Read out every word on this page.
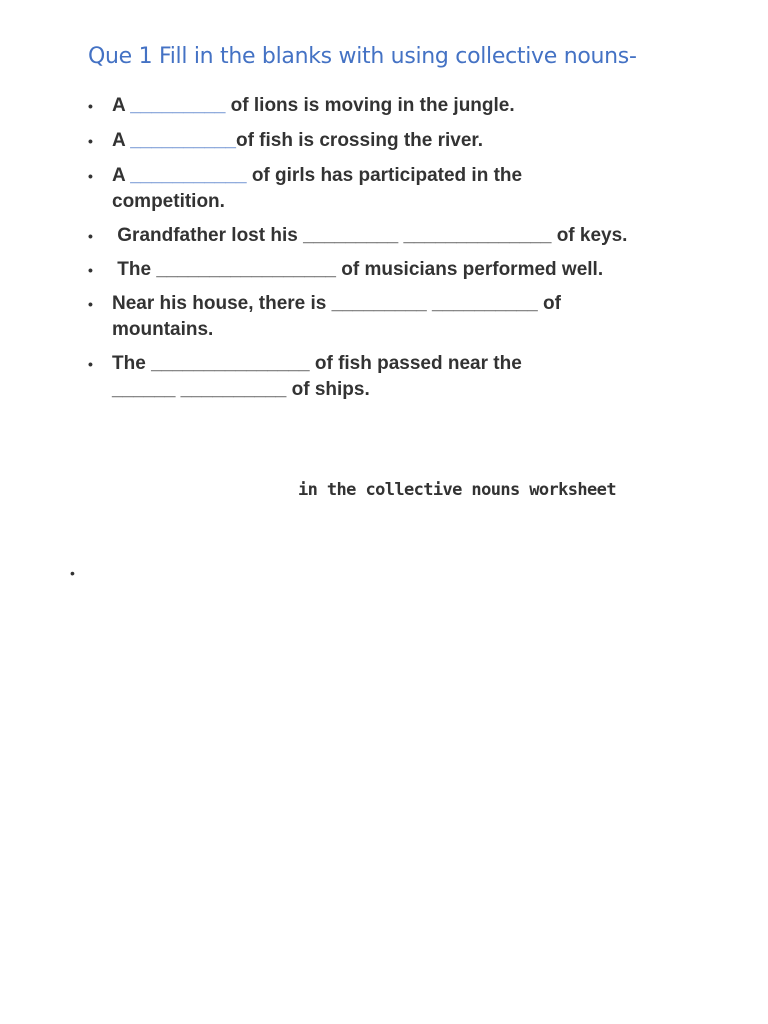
Que 1 Fill in the blanks with using collective nouns-
• A _________ of lions is moving in the jungle.
• A __________of fish is crossing the river.
• A ___________ of girls has participated in the competition.
• Grandfather lost his _________ ______________ of keys.
• The _________________ of musicians performed well.
• Near his house, there is _________ __________ of mountains.
• The _______________ of fish passed near the ______ __________ of ships.
in the collective nouns worksheet
•
